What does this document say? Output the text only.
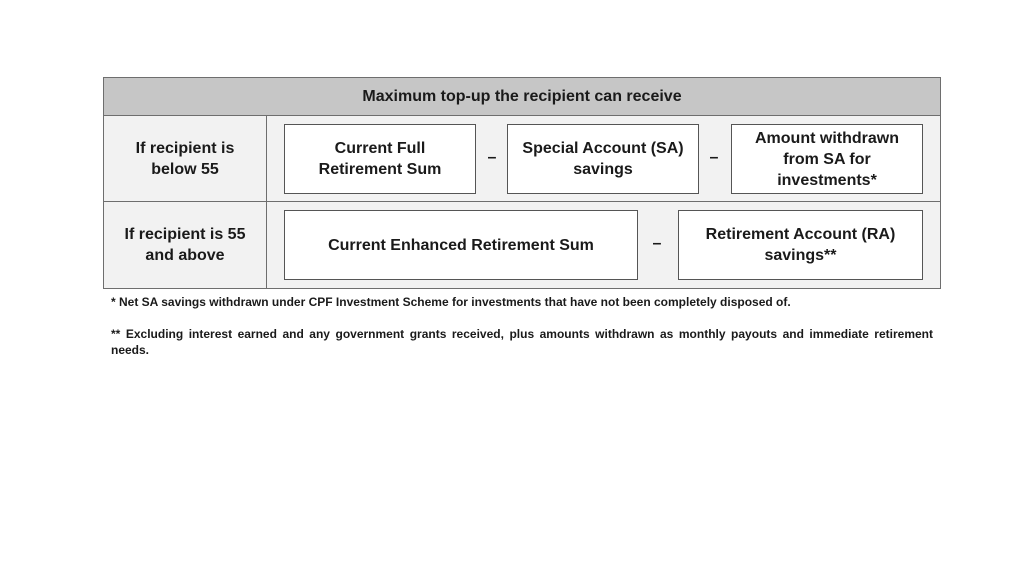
Maximum top-up the recipient can receive
If recipient is below 55
Current Full Retirement Sum
–
Special Account (SA) savings
–
Amount withdrawn from SA for investments*
If recipient is 55 and above
Current Enhanced Retirement Sum	–
Retirement Account (RA) savings**
* Net SA savings withdrawn under CPF Investment Scheme for investments that have not been completely disposed of.
** Excluding interest earned and any government grants received, plus amounts withdrawn as monthly payouts and immediate retirement needs.
